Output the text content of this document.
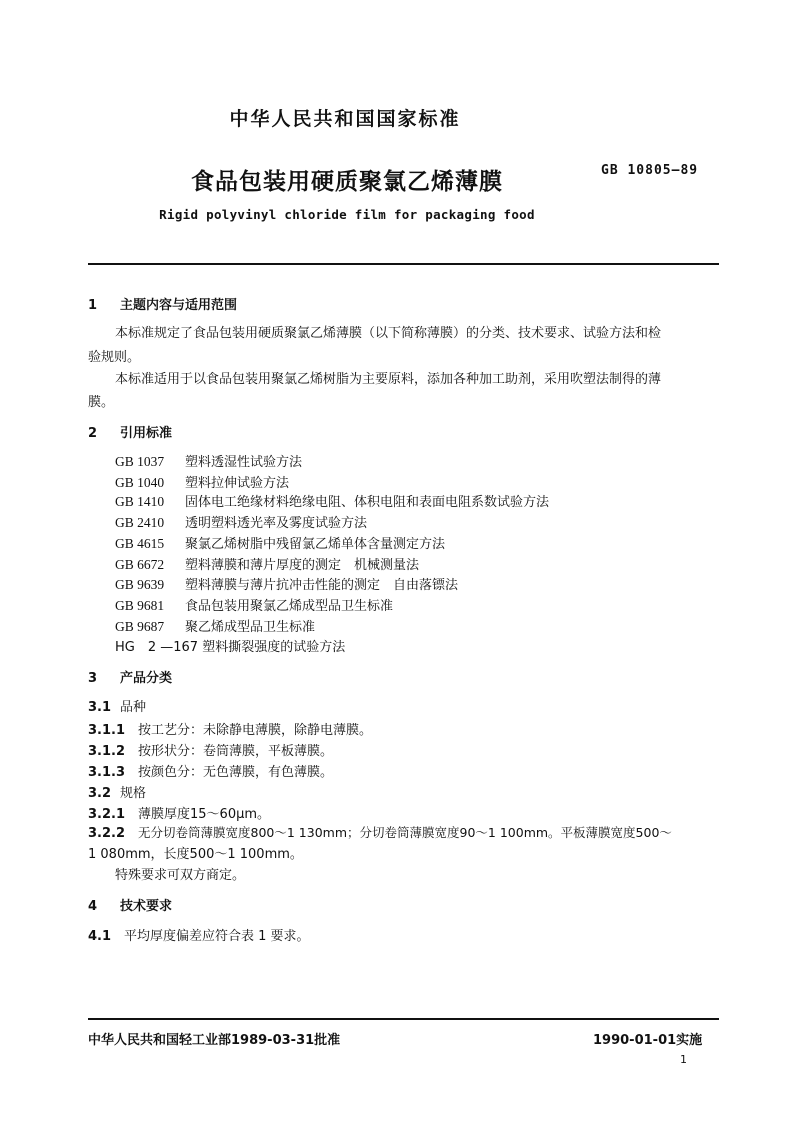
中华人民共和国国家标准
食品包装用硬质聚氯乙烯薄膜	GB 10805—89
Rigid polyvinyl chloride film for packaging food
1 主题内容与适用范围
本标准规定了食品包装用硬质聚氯乙烯薄膜（以下简称薄膜）的分类、技术要求、试验方法和检
验规则。
本标准适用于以食品包装用聚氯乙烯树脂为主要原料，添加各种加工助剂，采用吹塑法制得的薄
膜。
2 引用标准
GB 1037 塑料透湿性试验方法
GB 1040 塑料拉伸试验方法
GB 1410 固体电工绝缘材料绝缘电阻、体积电阻和表面电阻系数试验方法
GB 2410 透明塑料透光率及雾度试验方法
GB 4615 聚氯乙烯树脂中残留氯乙烯单体含量测定方法
GB 6672 塑料薄膜和薄片厚度的测定　机械测量法
GB 9639 塑料薄膜与薄片抗冲击性能的测定　自由落镖法
GB 9681 食品包装用聚氯乙烯成型品卫生标准
GB 9687 聚乙烯成型品卫生标准
HG　2 —167 塑料撕裂强度的试验方法
3 产品分类
3.1 品种
3.1.1 按工艺分：未除静电薄膜，除静电薄膜。
3.1.2 按形状分：卷筒薄膜，平板薄膜。
3.1.3 按颜色分：无色薄膜，有色薄膜。
3.2 规格
3.2.1 薄膜厚度15～60μm。
3.2.2 无分切卷筒薄膜宽度800～1 130mm；分切卷筒薄膜宽度90～1 100mm。平板薄膜宽度500～
1 080mm，长度500～1 100mm。
特殊要求可双方商定。
4 技术要求
4.1 平均厚度偏差应符合表 1 要求。
中华人民共和国轻工业部1989-03-31批准	1990-01-01实施
1
